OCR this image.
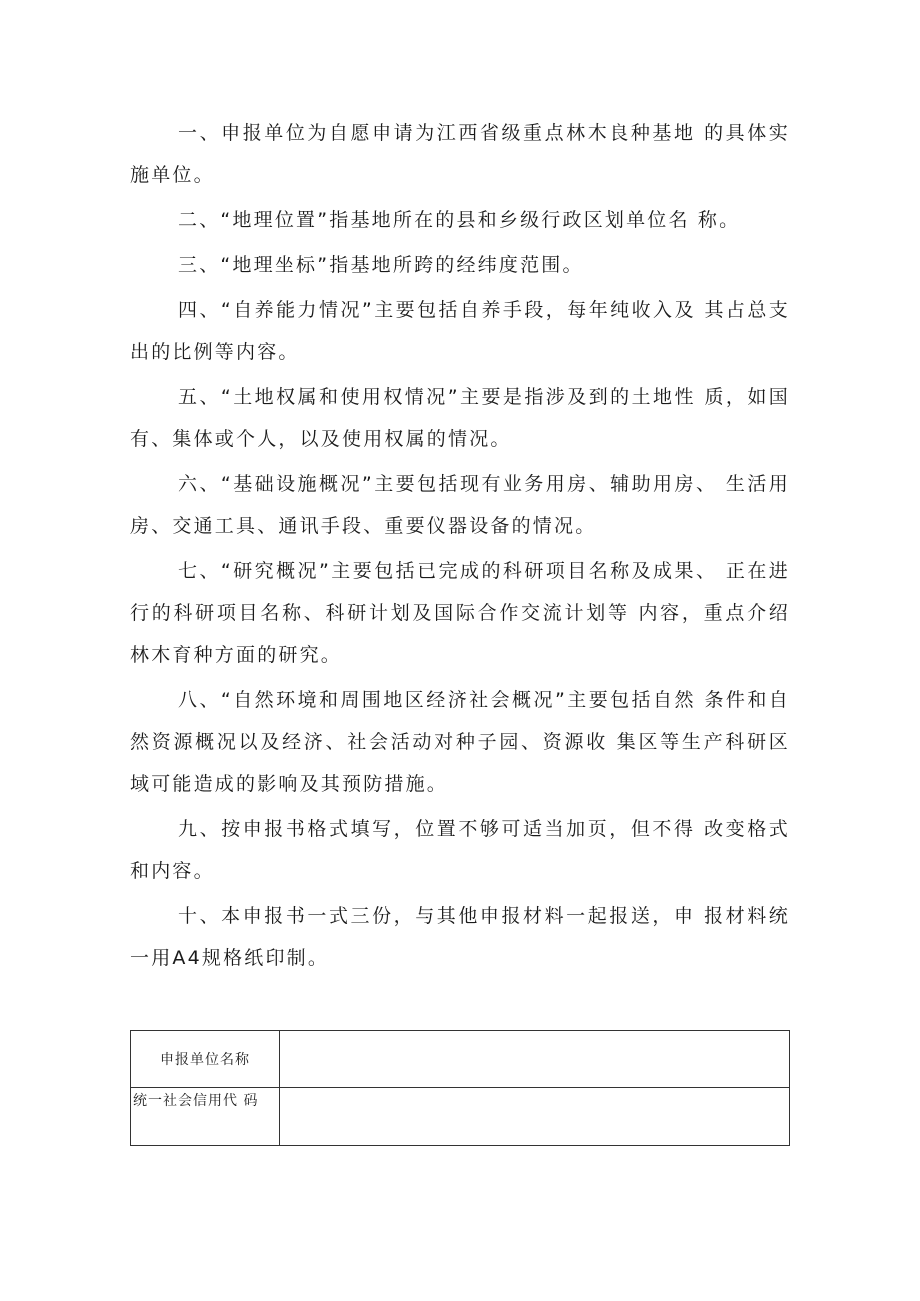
一、申报单位为自愿申请为江西省级重点林木良种基地 的具体实施单位。

二、“地理位置”指基地所在的县和乡级行政区划单位名 称。

三、“地理坐标”指基地所跨的经纬度范围。

四、“自养能力情况”主要包括自养手段，每年纯收入及 其占总支出的比例等内容。

五、“土地权属和使用权情况”主要是指涉及到的土地性 质，如国有、集体或个人，以及使用权属的情况。

六、“基础设施概况”主要包括现有业务用房、辅助用房、 生活用房、交通工具、通讯手段、重要仪器设备的情况。

七、“研究概况”主要包括已完成的科研项目名称及成果、 正在进行的科研项目名称、科研计划及国际合作交流计划等 内容，重点介绍林木育种方面的研究。

八、“自然环境和周围地区经济社会概况”主要包括自然 条件和自然资源概况以及经济、社会活动对种子园、资源收 集区等生产科研区域可能造成的影响及其预防措施。

九、按申报书格式填写，位置不够可适当加页，但不得 改变格式和内容。

十、本申报书一式三份，与其他申报材料一起报送，申 报材料统一用A4规格纸印制。

申报单位名称	
统一社会信用代 码	
